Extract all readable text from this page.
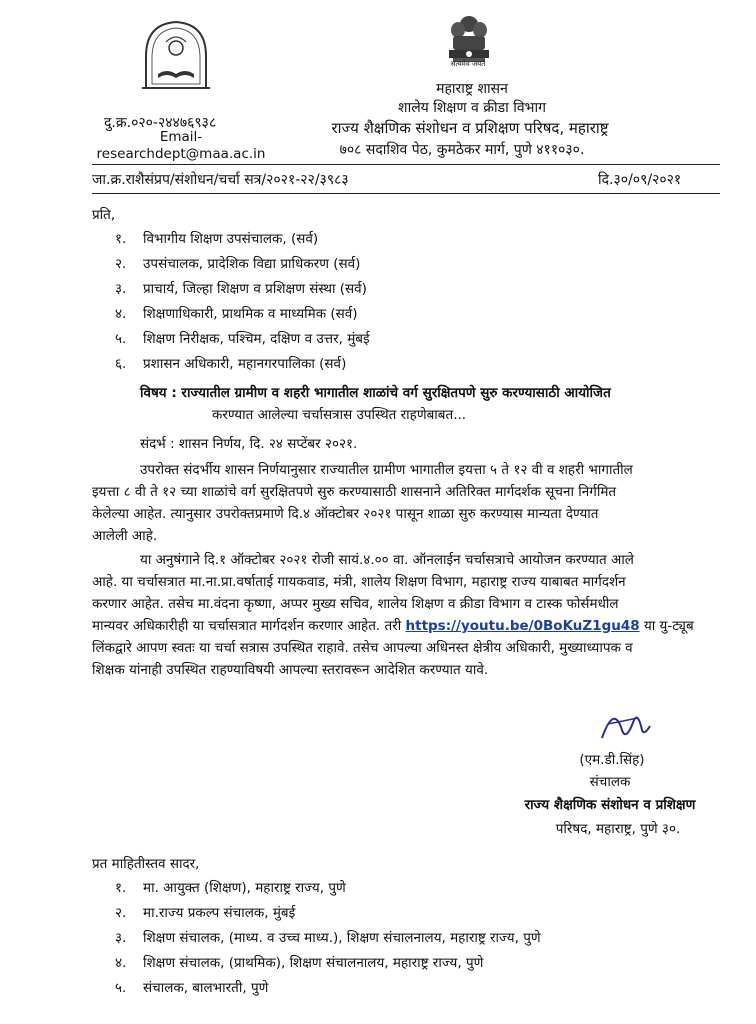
सत्यमेव जयते
दु.क्र.०२०-२४४७६९३८
Email-
researchdept@maa.ac.in
महाराष्ट्र शासन
शालेय शिक्षण व क्रीडा विभाग
राज्य शैक्षणिक संशोधन व प्रशिक्षण परिषद, महाराष्ट्र
७०८ सदाशिव पेठ, कुमठेकर मार्ग, पुणे ४११०३०.
जा.क्र.राशैसंप्रप/संशोधन/चर्चा सत्र/२०२१-२२/३९८३	दि.३०/०९/२०२१
प्रति,
१. विभागीय शिक्षण उपसंचालक, (सर्व)
२. उपसंचालक, प्रादेशिक विद्या प्राधिकरण (सर्व)
३. प्राचार्य, जिल्हा शिक्षण व प्रशिक्षण संस्था (सर्व)
४. शिक्षणाधिकारी, प्राथमिक व माध्यमिक (सर्व)
५. शिक्षण निरीक्षक, पश्चिम, दक्षिण व उत्तर, मुंबई
६. प्रशासन अधिकारी, महानगरपालिका (सर्व)
विषय : राज्यातील ग्रामीण व शहरी भागातील शाळांचे वर्ग सुरक्षितपणे सुरु करण्यासाठी आयोजित
करण्यात आलेल्या चर्चासत्रास उपस्थित राहणेबाबत...
संदर्भ : शासन निर्णय, दि. २४ सप्टेंबर २०२१.
उपरोक्त संदर्भीय शासन निर्णयानुसार राज्यातील ग्रामीण भागातील इयत्ता ५ ते १२ वी व शहरी भागातील
इयत्ता ८ वी ते १२ च्या शाळांचे वर्ग सुरक्षितपणे सुरु करण्यासाठी शासनाने अतिरिक्त मार्गदर्शक सूचना निर्गमित
केलेल्या आहेत. त्यानुसार उपरोक्तप्रमाणे दि.४ ऑक्टोबर २०२१ पासून शाळा सुरु करण्यास मान्यता देण्यात
आलेली आहे.
या अनुषंगाने दि.१ ऑक्टोबर २०२१ रोजी सायं.४.०० वा. ऑनलाईन चर्चासत्राचे आयोजन करण्यात आले
आहे. या चर्चासत्रात मा.ना.प्रा.वर्षाताई गायकवाड, मंत्री, शालेय शिक्षण विभाग, महाराष्ट्र राज्य याबाबत मार्गदर्शन
करणार आहेत. तसेच मा.वंदना कृष्णा, अप्पर मुख्य सचिव, शालेय शिक्षण व क्रीडा विभाग व टास्क फोर्समधील
मान्यवर अधिकारीही या चर्चासत्रात मार्गदर्शन करणार आहेत. तरी https://youtu.be/0BoKuZ1gu48 या यु-ट्यूब
लिंकद्वारे आपण स्वतः या चर्चा सत्रास उपस्थित राहावे. तसेच आपल्या अधिनस्त क्षेत्रीय अधिकारी, मुख्याध्यापक व
शिक्षक यांनाही उपस्थित राहण्याविषयी आपल्या स्तरावरून आदेशित करण्यात यावे.
(एम.डी.सिंह)
संचालक
राज्य शैक्षणिक संशोधन व प्रशिक्षण
परिषद, महाराष्ट्र, पुणे ३०.
प्रत माहितीस्तव सादर,
१. मा. आयुक्त (शिक्षण), महाराष्ट्र राज्य, पुणे
२. मा.राज्य प्रकल्प संचालक, मुंबई
३. शिक्षण संचालक, (माध्य. व उच्च माध्य.), शिक्षण संचालनालय, महाराष्ट्र राज्य, पुणे
४. शिक्षण संचालक, (प्राथमिक), शिक्षण संचालनालय, महाराष्ट्र राज्य, पुणे
५. संचालक, बालभारती, पुणे
